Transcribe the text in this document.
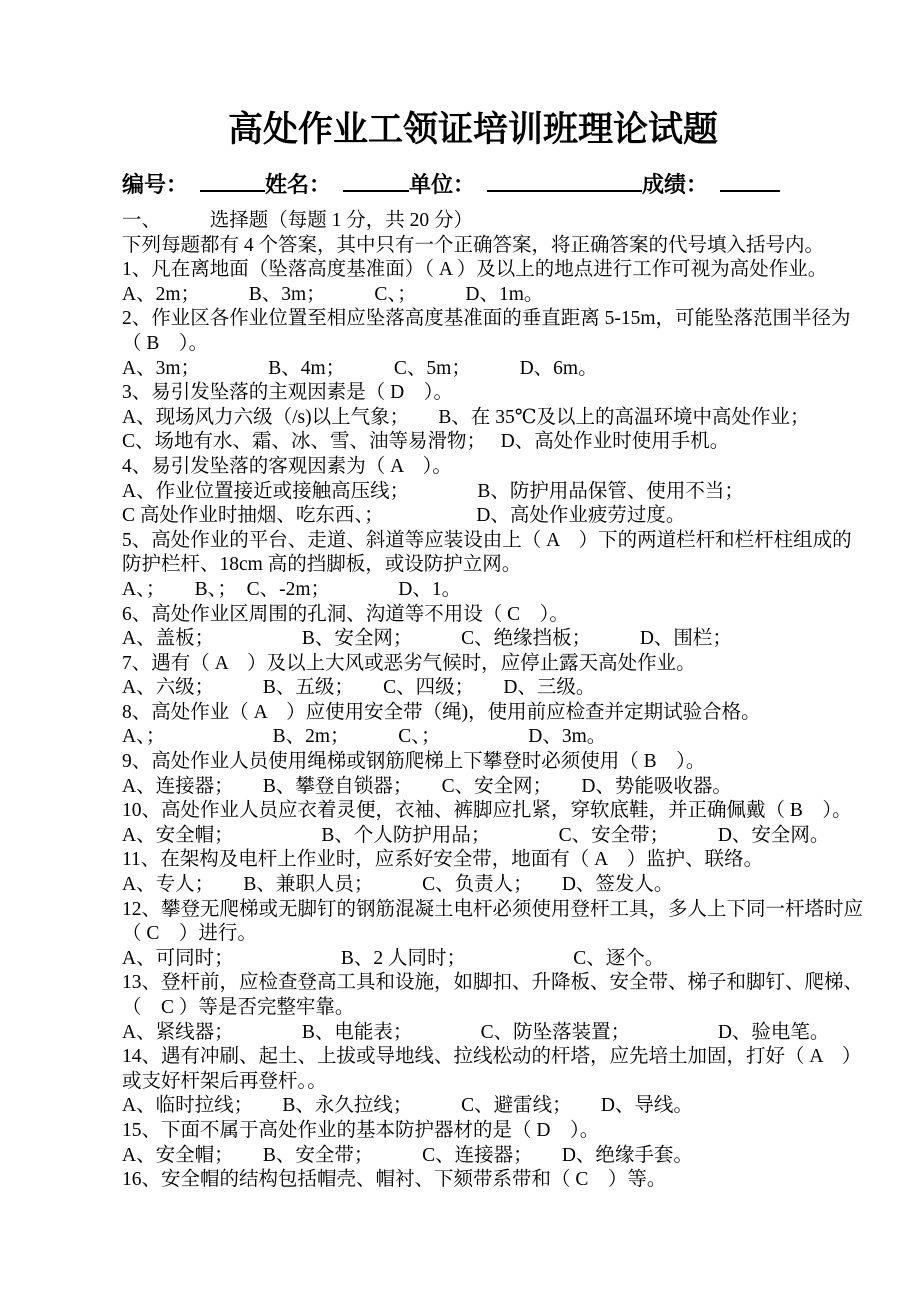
高处作业工领证培训班理论试题
编号：	姓名：	单位：	成绩：
一、　　　选择题（每题 1 分，共 20 分）
下列每题都有 4 个答案，其中只有一个正确答案，将正确答案的代号填入括号内。
1、凡在离地面（坠落高度基准面）（ A ）及以上的地点进行工作可视为高处作业。
A、2m；　　　B、3m；　　　C、；　　　D、1m。
2、作业区各作业位置至相应坠落高度基准面的垂直距离 5-15m，可能坠落范围半径为
（ B　）。
A、3m；　　　　B、4m；　　　C、5m；　　　D、6m。
3、易引发坠落的主观因素是（ D　）。
A、现场风力六级（/s)以上气象；　　B、在 35℃及以上的高温环境中高处作业；
C、场地有水、霜、冰、雪、油等易滑物；　 D、高处作业时使用手机。
4、易引发坠落的客观因素为（ A　）。
A、作业位置接近或接触高压线；　　　　B、防护用品保管、使用不当；
C 高处作业时抽烟、吃东西、；　　　　　 D、高处作业疲劳过度。
5、高处作业的平台、走道、斜道等应装设由上（ A　）下的两道栏杆和栏杆柱组成的
防护栏杆、18cm 高的挡脚板，或设防护立网。
A、；　　B、；　C、-2m；　　　　D、1。
6、高处作业区周围的孔洞、沟道等不用设（ C　）。
A、盖板；　　　　　B、安全网；　　　C、绝缘挡板；　　　D、围栏；
7、遇有（ A　）及以上大风或恶劣气候时，应停止露天高处作业。
A、六级；　　　B、五级；　　C、四级；　　D、三级。
8、高处作业（ A　）应使用安全带（绳)，使用前应检查并定期试验合格。
A、；　　　　　　B、2m；　　　C、；　　　　　D、3m。
9、高处作业人员使用绳梯或钢筋爬梯上下攀登时必须使用（ B　）。
A、连接器；　　B、攀登自锁器；　　C、安全网；　　D、势能吸收器。
10、高处作业人员应衣着灵便，衣袖、裤脚应扎紧，穿软底鞋，并正确佩戴（ B　）。
A、安全帽；　　　　　B、个人防护用品；　　　　C、安全带；　　　D、安全网。
11、在架构及电杆上作业时，应系好安全带，地面有（ A　）监护、联络。
A、专人；　　B、兼职人员；　　　C、负责人；　　D、签发人。
12、攀登无爬梯或无脚钉的钢筋混凝土电杆必须使用登杆工具，多人上下同一杆塔时应
（ C　）进行。
A、可同时；　　　　　　B、2 人同时；　　　　　　C、逐个。
13、登杆前，应检查登高工具和设施，如脚扣、升降板、安全带、梯子和脚钉、爬梯、
（　C ）等是否完整牢靠。
A、紧线器；　　　　B、电能表；　　　　C、防坠落装置；　　　　　D、验电笔。
14、遇有冲刷、起土、上拔或导地线、拉线松动的杆塔，应先培土加固，打好（ A　）
或支好杆架后再登杆。。
A、临时拉线；　　B、永久拉线；　　　C、避雷线；　　D、导线。
15、下面不属于高处作业的基本防护器材的是（ D　）。
A、安全帽；　　B、安全带；　　　C、连接器；　　D、绝缘手套。
16、安全帽的结构包括帽壳、帽衬、下颏带系带和（ C　）等。
